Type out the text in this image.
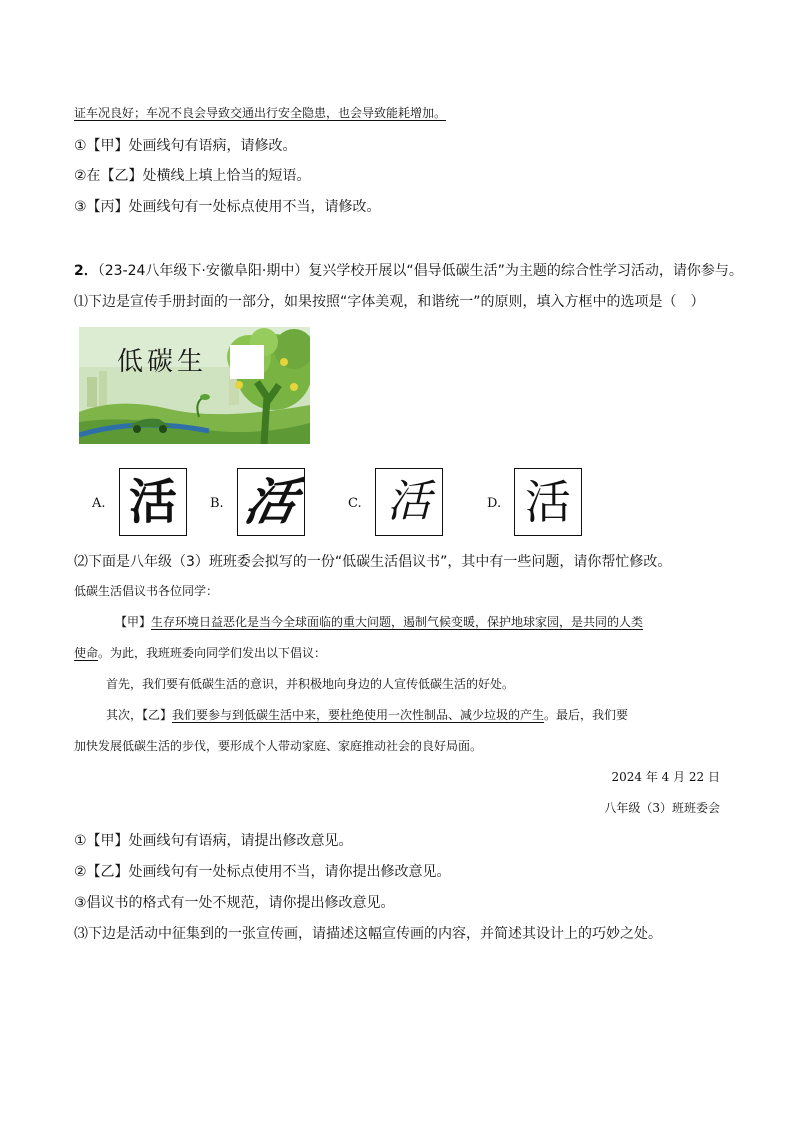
证车况良好；车况不良会导致交通出行安全隐患，也会导致能耗增加。
①【甲】处画线句有语病，请修改。
②在【乙】处横线上填上恰当的短语。
③【丙】处画线句有一处标点使用不当，请修改。
2．（23-24八年级下·安徽阜阳·期中）复兴学校开展以“倡导低碳生活”为主题的综合性学习活动，请你参与。
⑴下边是宣传手册封面的一部分，如果按照“字体美观，和谐统一”的原则，填入方框中的选项是（　）
低碳生
A. 活	B. 活	C. 活	D. 活
⑵下面是八年级（3）班班委会拟写的一份“低碳生活倡议书”，其中有一些问题，请你帮忙修改。
低碳生活倡议书各位同学：
【甲】生存环境日益恶化是当今全球面临的重大问题，遏制气候变暖，保护地球家园，是共同的人类
使命。为此，我班班委向同学们发出以下倡议：
首先，我们要有低碳生活的意识，并积极地向身边的人宣传低碳生活的好处。
其次，【乙】我们要参与到低碳生活中来，要杜绝使用一次性制品、减少垃圾的产生。最后，我们要
加快发展低碳生活的步伐，要形成个人带动家庭、家庭推动社会的良好局面。
2024 年 4 月 22 日
八年级（3）班班委会
①【甲】处画线句有语病，请提出修改意见。
②【乙】处画线句有一处标点使用不当，请你提出修改意见。
③倡议书的格式有一处不规范，请你提出修改意见。
⑶下边是活动中征集到的一张宣传画，请描述这幅宣传画的内容，并简述其设计上的巧妙之处。
